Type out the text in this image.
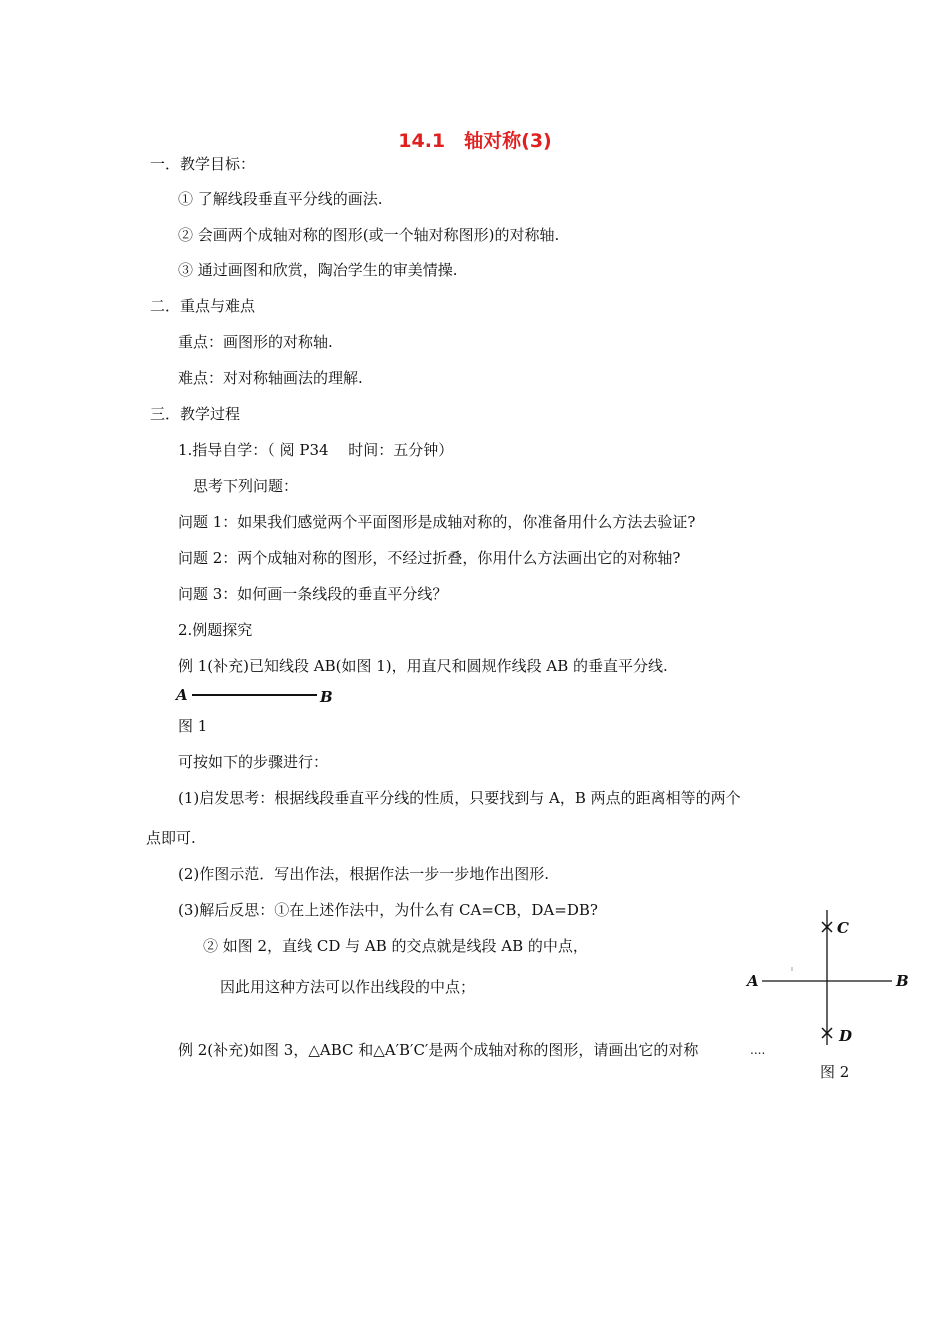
14.1　轴对称(3)
一．教学目标：
① 了解线段垂直平分线的画法.
② 会画两个成轴对称的图形(或一个轴对称图形)的对称轴.
③ 通过画图和欣赏，陶冶学生的审美情操.
二．重点与难点
重点：画图形的对称轴.
难点：对对称轴画法的理解.
三．教学过程
1.指导自学：（ 阅 P34　 时间：五分钟）
思考下列问题：
问题 1：如果我们感觉两个平面图形是成轴对称的，你准备用什么方法去验证?
问题 2：两个成轴对称的图形，不经过折叠，你用什么方法画出它的对称轴?
问题 3：如何画一条线段的垂直平分线？
2.例题探究
例 1(补充)已知线段 AB(如图 1)，用直尺和圆规作线段 AB 的垂直平分线.
A	B
图 1
可按如下的步骤进行：
(1)启发思考：根据线段垂直平分线的性质，只要找到与 A，B 两点的距离相等的两个
点即可.
(2)作图示范．写出作法，根据作法一步一步地作出图形.
(3)解后反思：①在上述作法中，为什么有 CA=CB，DA=DB?
② 如图 2，直线 CD 与 AB 的交点就是线段 AB 的中点，
因此用这种方法可以作出线段的中点；
例 2(补充)如图 3，△ABC 和△A′B′C′是两个成轴对称的图形，请画出它的对称	....
C
A	B
D
图 2
